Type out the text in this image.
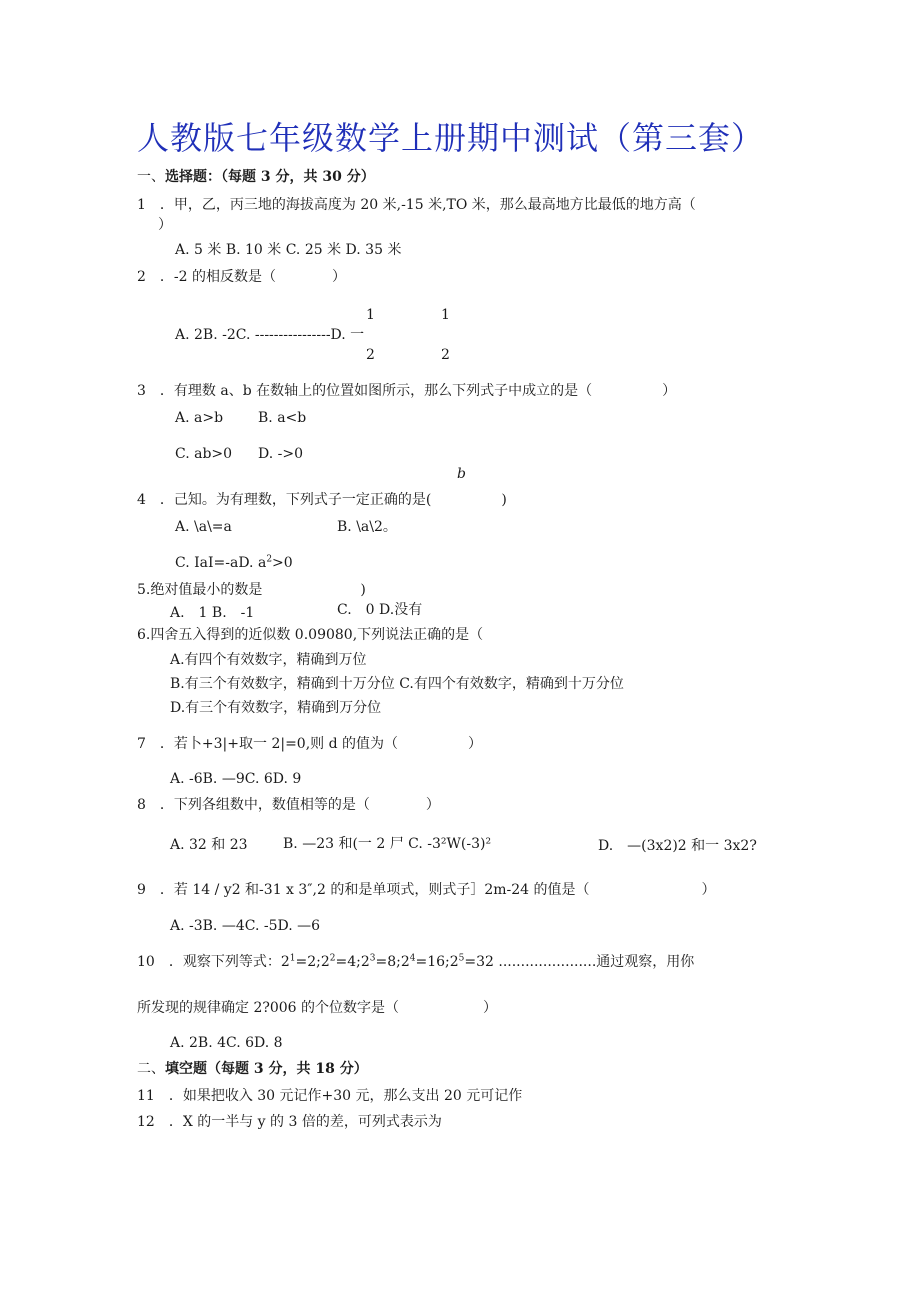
人教版七年级数学上册期中测试（第三套）
一、选择题：（每题 3 分，共 30 分）
1　．甲，乙，丙三地的海拔高度为 20 米,-15 米,TO 米，那么最高地方比最低的地方高（
）
A. 5 米 B. 10 米 C. 25 米 D. 35 米
2　．-2 的相反数是（　　　　）
1	1
A. 2B. -2C. ----------------D. 一
2	2
3　．有理数 a、b 在数轴上的位置如图所示，那么下列式子中成立的是（　　　　　）
A. a>b B. a<b
C. ab>0 D. ->0
b
4　．己知。为有理数，下列式子一定正确的是(　　　　　)
A. \a\=a	B. \a\2。
C. IaI=-aD. $a^2>0$
5.绝对值最小的数是　　　　　　　)
A.　1 B.　-1	C.　0 D.没有
6.四舍五入得到的近似数 0.09080,下列说法正确的是（
A.有四个有效数字，精确到万位
B.有三个有效数字，精确到十万分位 C.有四个有效数字，精确到十万分位
D.有三个有效数字，精确到万分位
7　．若卜+3|+取一 2|=0,则 d 的值为（　　　　　）
A. -6B. —9C. 6D. 9
8　．下列各组数中，数值相等的是（　　　　）
A. 32 和 23	B. —23 和(一 2 尸 C. -3²W(-3)²	D.　—(3x2)2 和一 3x2?
9　．若 14 / y2 和-31 x 3″,2 的和是单项式，则式子］2m-24 的值是（　　　　　　　　）
A. -3B. —4C. -5D. —6
10　．观察下列等式：$2^1=2;2^2=4;2^3=8;2^4=16;2^5=32$ ......................通过观察，用你
所发现的规律确定 2?006 的个位数字是（　　　　　　）
A. 2B. 4C. 6D. 8
二、填空题（每题 3 分，共 18 分）
11　．如果把收入 30 元记作+30 元，那么支出 20 元可记作
12　．X 的一半与 y 的 3 倍的差，可列式表示为
